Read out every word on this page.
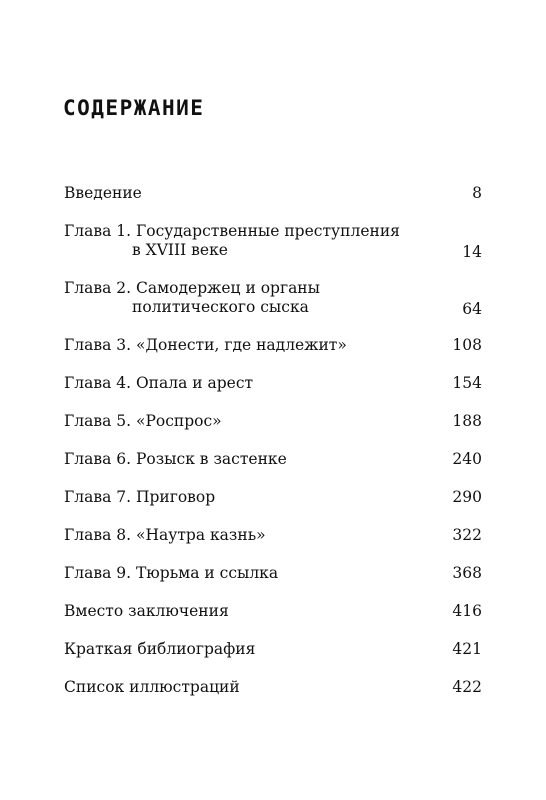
СОДЕРЖАНИЕ
Введение	8
Глава 1. Государственные преступления
в XVIII веке	14
Глава 2. Самодержец и органы
политического сыска	64
Глава 3. «Донести, где надлежит»	108
Глава 4. Опала и арест	154
Глава 5. «Роспрос»	188
Глава 6. Розыск в застенке	240
Глава 7. Приговор	290
Глава 8. «Наутра казнь»	322
Глава 9. Тюрьма и ссылка	368
Вместо заключения	416
Краткая библиография	421
Список иллюстраций	422
